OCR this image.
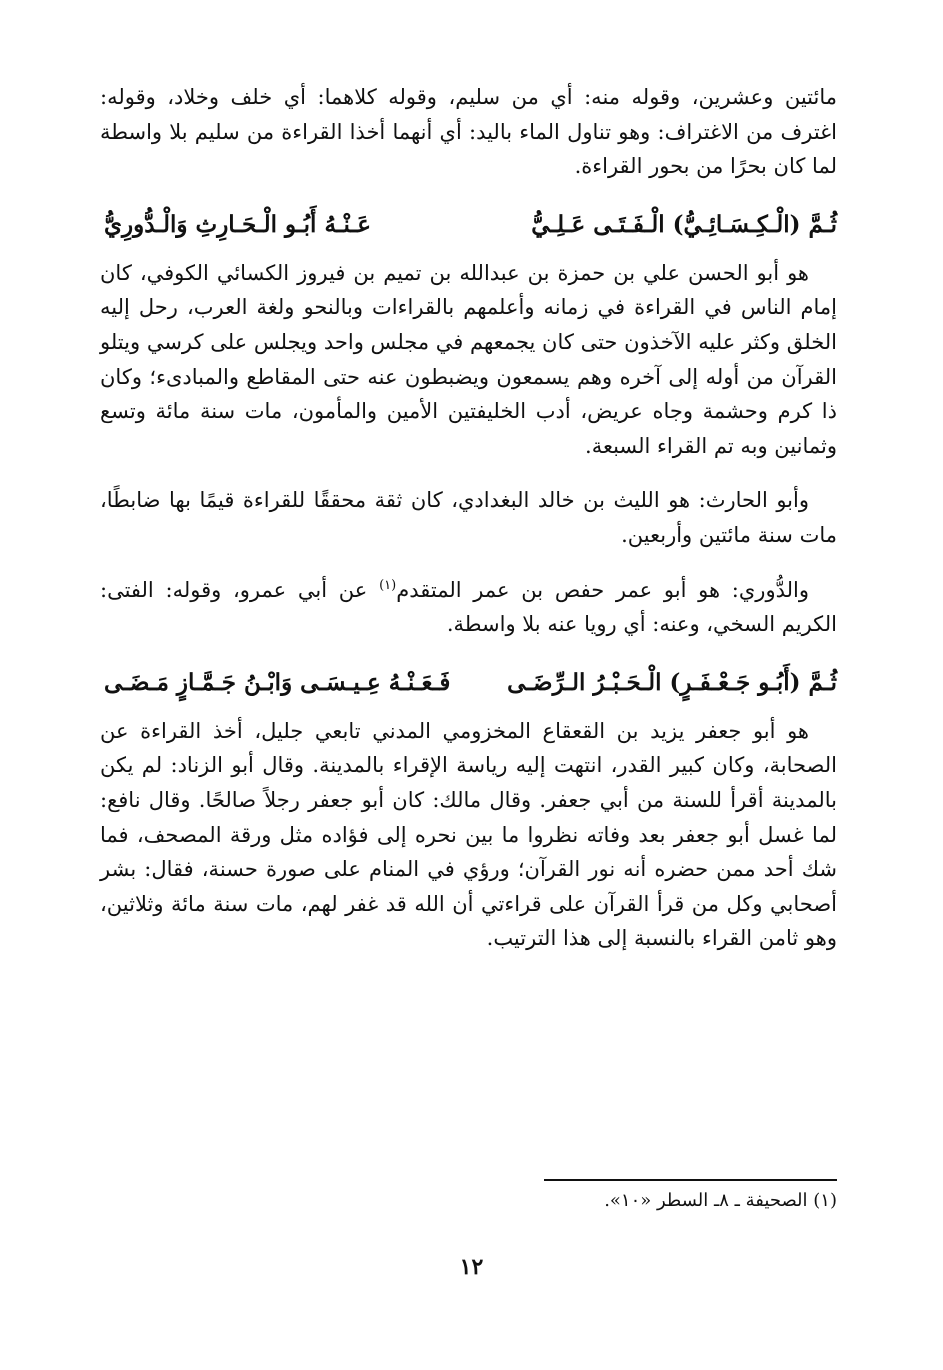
مائتين وعشرين، وقوله منه: أي من سليم، وقوله كلاهما: أي خلف وخلاد، وقوله: اغترف من الاغتراف: وهو تناول الماء باليد: أي أنهما أخذا القراءة من سليم بلا واسطة لما كان بحرًا من بحور القراءة.

ثُـمَّ (الْـكِـسَـائِـيُّ) الْـفَـتَـى عَـلِـيُّ
عَـنْـهُ أَبُـو الْـحَـارِثِ وَالْـدُّورِيُّ

هو أبو الحسن علي بن حمزة بن عبدالله بن تميم بن فيروز الكسائي الكوفي، كان إمام الناس في القراءة في زمانه وأعلمهم بالقراءات وبالنحو ولغة العرب، رحل إليه الخلق وكثر عليه الآخذون حتى كان يجمعهم في مجلس واحد ويجلس على كرسي ويتلو القرآن من أوله إلى آخره وهم يسمعون ويضبطون عنه حتى المقاطع والمبادىء؛ وكان ذا كرم وحشمة وجاه عريض، أدب الخليفتين الأمين والمأمون، مات سنة مائة وتسع وثمانين وبه تم القراء السبعة.

وأبو الحارث: هو الليث بن خالد البغدادي، كان ثقة محققًا للقراءة قيمًا بها ضابطًا، مات سنة مائتين وأربعين.

والدُّوري: هو أبو عمر حفص بن عمر المتقدم$^{(١)}$ عن أبي عمرو، وقوله: الفتى: الكريم السخي، وعنه: أي رويا عنه بلا واسطة.

ثُـمَّ (أَبُـو جَـعْـفَـرٍ) الْـحَـبْـرُ الـرِّضَـى
فَـعَـنْـهُ عِـيـسَـى وَابْـنُ جَـمَّـازٍ مَـضَـى

هو أبو جعفر يزيد بن القعقاع المخزومي المدني تابعي جليل، أخذ القراءة عن الصحابة، وكان كبير القدر، انتهت إليه رياسة الإقراء بالمدينة. وقال أبو الزناد: لم يكن بالمدينة أقرأ للسنة من أبي جعفر. وقال مالك: كان أبو جعفر رجلاً صالحًا. وقال نافع: لما غسل أبو جعفر بعد وفاته نظروا ما بين نحره إلى فؤاده مثل ورقة المصحف، فما شك أحد ممن حضره أنه نور القرآن؛ ورؤي في المنام على صورة حسنة، فقال: بشر أصحابي وكل من قرأ القرآن على قراءتي أن الله قد غفر لهم، مات سنة مائة وثلاثين، وهو ثامن القراء بالنسبة إلى هذا الترتيب.

(١) الصحيفة ـ ٨ـ السطر «١٠».
١٢
